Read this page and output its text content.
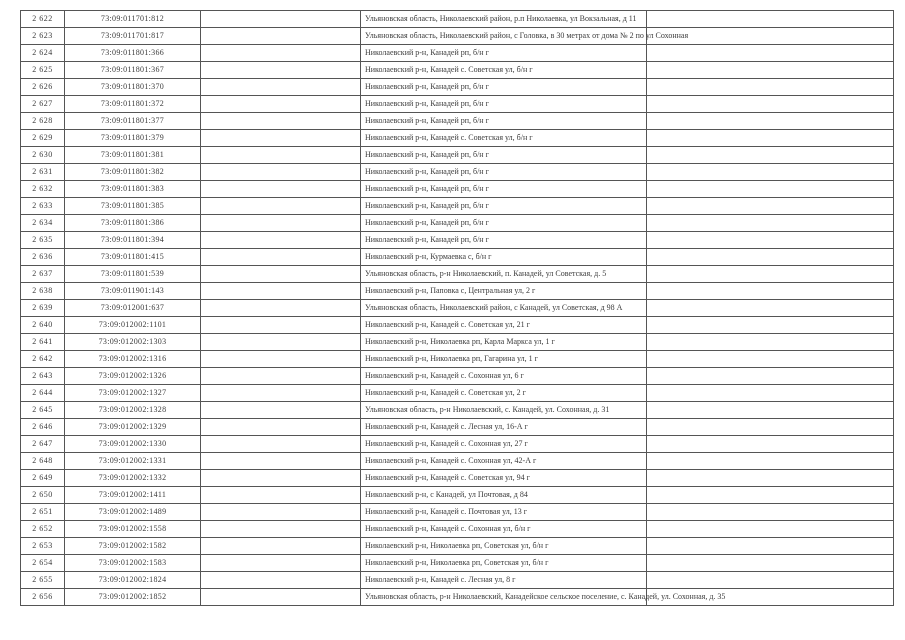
2 622	73:09:011701:812		Ульяновская область, Николаевский район, р.п Николаевка, ул Вокзальная, д 11	
2 623	73:09:011701:817		Ульяновская область, Николаевский район, с Головка, в 30 метрах от дома № 2 по ул Сохонная	
2 624	73:09:011801:366		Николаевский р-н, Канадей рп, б/н г	
2 625	73:09:011801:367		Николаевский р-н, Канадей с. Советская ул, б/н г	
2 626	73:09:011801:370		Николаевский р-н, Канадей рп, б/н г	
2 627	73:09:011801:372		Николаевский р-н, Канадей рп, б/н г	
2 628	73:09:011801:377		Николаевский р-н, Канадей рп, б/н г	
2 629	73:09:011801:379		Николаевский р-н, Канадей с. Советская ул, б/н г	
2 630	73:09:011801:381		Николаевский р-н, Канадей рп, б/н г	
2 631	73:09:011801:382		Николаевский р-н, Канадей рп, б/н г	
2 632	73:09:011801:383		Николаевский р-н, Канадей рп, б/н г	
2 633	73:09:011801:385		Николаевский р-н, Канадей рп, б/н г	
2 634	73:09:011801:386		Николаевский р-н, Канадей рп, б/н г	
2 635	73:09:011801:394		Николаевский р-н, Канадей рп, б/н г	
2 636	73:09:011801:415		Николаевский р-н, Курмаевка с, б/н г	
2 637	73:09:011801:539		Ульяновская область, р-н Николаевский, п. Канадей, ул Советская, д. 5	
2 638	73:09:011901:143		Николаевский р-н, Паповка с, Центральная ул, 2 г	
2 639	73:09:012001:637		Ульяновская область, Николаевский район, с Канадей, ул Советская, д 98 А	
2 640	73:09:012002:1101		Николаевский р-н, Канадей с. Советская ул, 21 г	
2 641	73:09:012002:1303		Николаевский р-н, Николаевка рп, Карла Маркса ул, 1 г	
2 642	73:09:012002:1316		Николаевский р-н, Николаевка рп, Гагарина ул, 1 г	
2 643	73:09:012002:1326		Николаевский р-н, Канадей с. Сохонная ул, 6 г	
2 644	73:09:012002:1327		Николаевский р-н, Канадей с. Советская ул, 2 г	
2 645	73:09:012002:1328		Ульяновская область, р-н Николаевский, с. Канадей, ул. Сохонная, д. 31	
2 646	73:09:012002:1329		Николаевский р-н, Канадей с. Лесная ул, 16-А г	
2 647	73:09:012002:1330		Николаевский р-н, Канадей с. Сохонная ул, 27 г	
2 648	73:09:012002:1331		Николаевский р-н, Канадей с. Сохонная ул, 42-А г	
2 649	73:09:012002:1332		Николаевский р-н, Канадей с. Советская ул, 94 г	
2 650	73:09:012002:1411		Николаевский р-н, с Канадей, ул Почтовая, д 84	
2 651	73:09:012002:1489		Николаевский р-н, Канадей с. Почтовая ул, 13 г	
2 652	73:09:012002:1558		Николаевский р-н, Канадей с. Сохонная ул, б/н г	
2 653	73:09:012002:1582		Николаевский р-н, Николаевка рп, Советская ул, б/н г	
2 654	73:09:012002:1583		Николаевский р-н, Николаевка рп, Советская ул, б/н г	
2 655	73:09:012002:1824		Николаевский р-н, Канадей с. Лесная ул, 8 г	
2 656	73:09:012002:1852		Ульяновская область, р-н Николаевский, Канадейское сельское поселение, с. Канадей, ул. Сохонная, д. 35	
